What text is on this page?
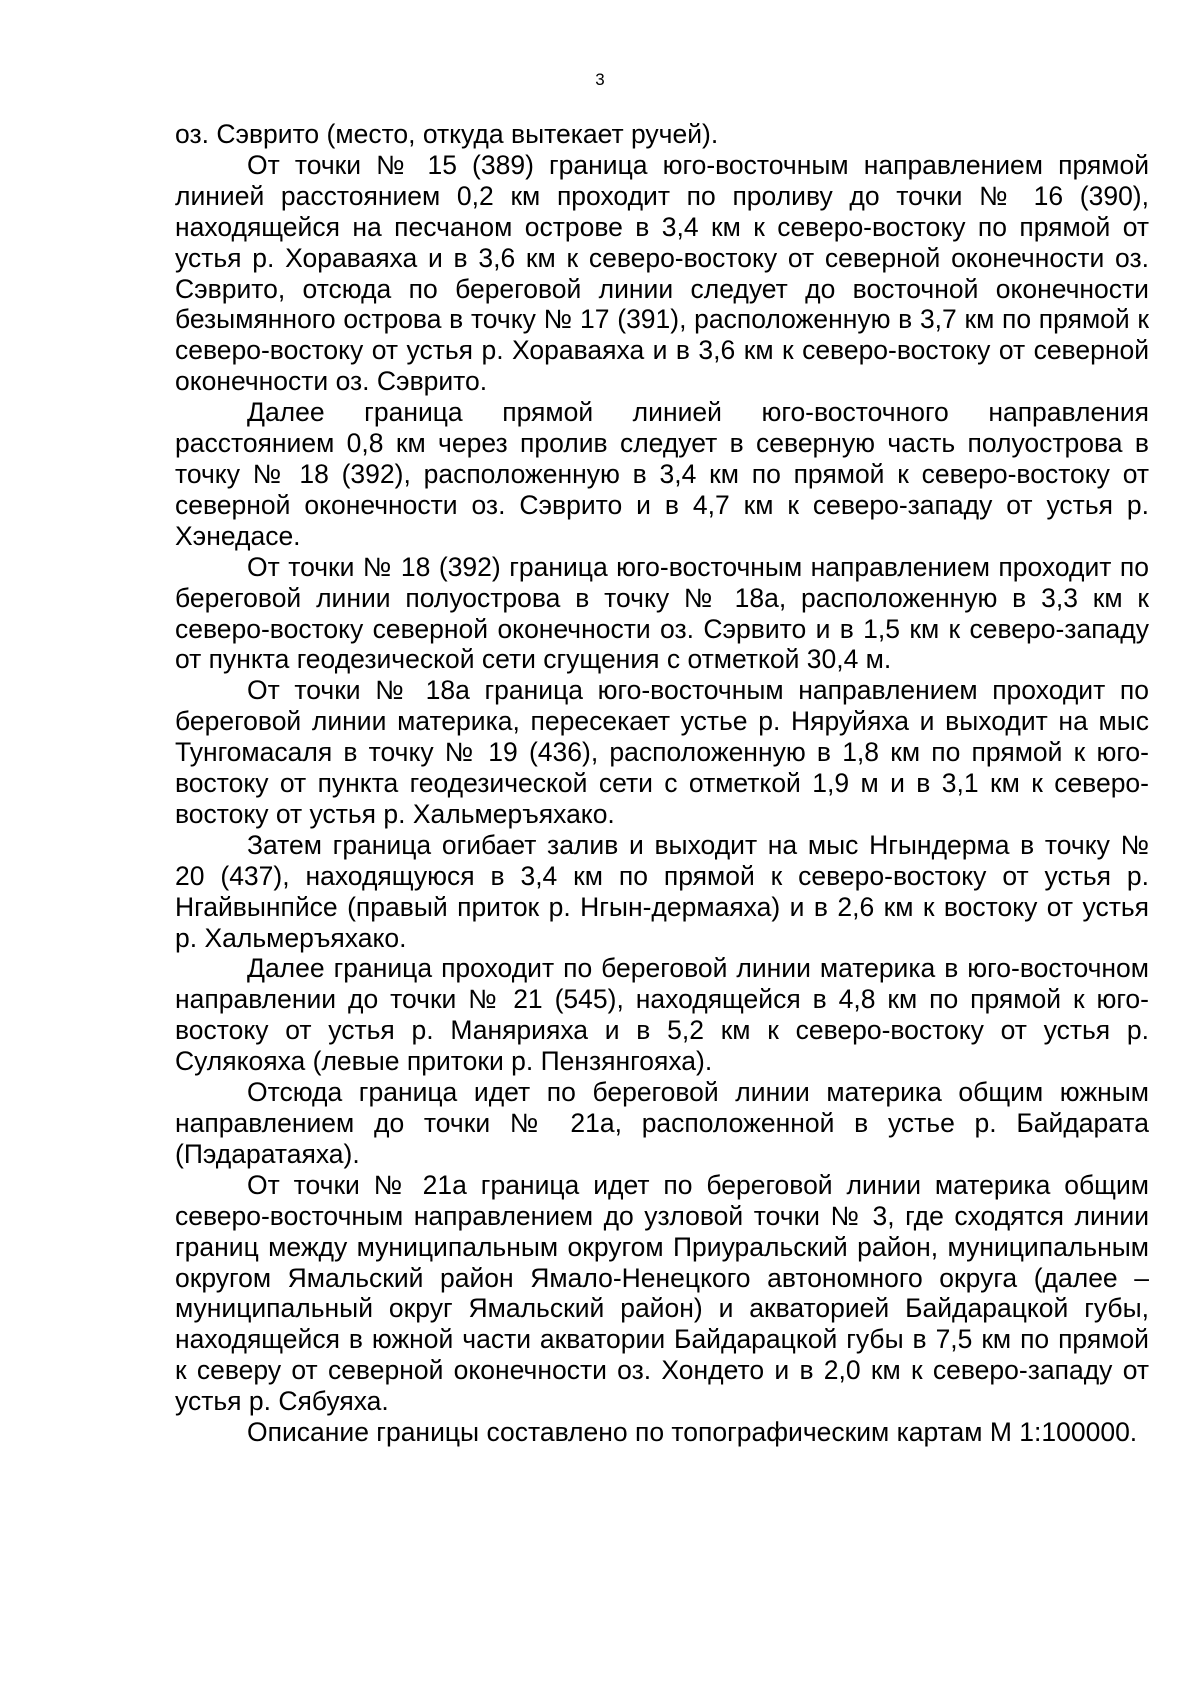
3

оз. Сэврито (место, откуда вытекает ручей).

От точки № 15 (389) граница юго-восточным направлением прямой линией расстоянием 0,2 км проходит по проливу до точки № 16 (390), находящейся на песчаном острове в 3,4 км к северо-востоку по прямой от устья р. Хораваяха и в 3,6 км к северо-востоку от северной оконечности оз. Сэврито, отсюда по береговой линии следует до восточной оконечности безымянного острова в точку № 17 (391), расположенную в 3,7 км по прямой к северо-востоку от устья р. Хораваяха и в 3,6 км к северо-востоку от северной оконечности оз. Сэврито.

Далее граница прямой линией юго-восточного направления расстоянием 0,8 км через пролив следует в северную часть полуострова в точку № 18 (392), расположенную в 3,4 км по прямой к северо-востоку от северной оконечности оз. Сэврито и в 4,7 км к северо-западу от устья р. Хэнедасе.

От точки № 18 (392) граница юго-восточным направлением проходит по береговой линии полуострова в точку № 18а, расположенную в 3,3 км к северо-востоку северной оконечности оз. Сэрвито и в 1,5 км к северо-западу от пункта геодезической сети сгущения с отметкой 30,4 м.

От точки № 18а граница юго-восточным направлением проходит по береговой линии материка, пересекает устье р. Няруйяха и выходит на мыс Тунгомасаля в точку № 19 (436), расположенную в 1,8 км по прямой к юго-востоку от пункта геодезической сети с отметкой 1,9 м и в 3,1 км к северо-востоку от устья р. Хальмеръяхако.

Затем граница огибает залив и выходит на мыс Нгындерма в точку № 20 (437), находящуюся в 3,4 км по прямой к северо-востоку от устья р. Нгайвынпйсе (правый приток р. Нгын-дермаяха) и в 2,6 км к востоку от устья р. Хальмеръяхако.

Далее граница проходит по береговой линии материка в юго-восточном направлении до точки № 21 (545), находящейся в 4,8 км по прямой к юго-востоку от устья р. Манярияха и в 5,2 км к северо-востоку от устья р. Сулякояха (левые притоки р. Пензянгояха).

Отсюда граница идет по береговой линии материка общим южным направлением до точки № 21а, расположенной в устье р. Байдарата (Пэдаратаяха).

От точки № 21а граница идет по береговой линии материка общим северо-восточным направлением до узловой точки № 3, где сходятся линии границ между муниципальным округом Приуральский район, муниципальным округом Ямальский район Ямало-Ненецкого автономного округа (далее – муниципальный округ Ямальский район) и акваторией Байдарацкой губы, находящейся в южной части акватории Байдарацкой губы в 7,5 км по прямой к северу от северной оконечности оз. Хондето и в 2,0 км к северо-западу от устья р. Сябуяха.

Описание границы составлено по топографическим картам М 1:100000.
